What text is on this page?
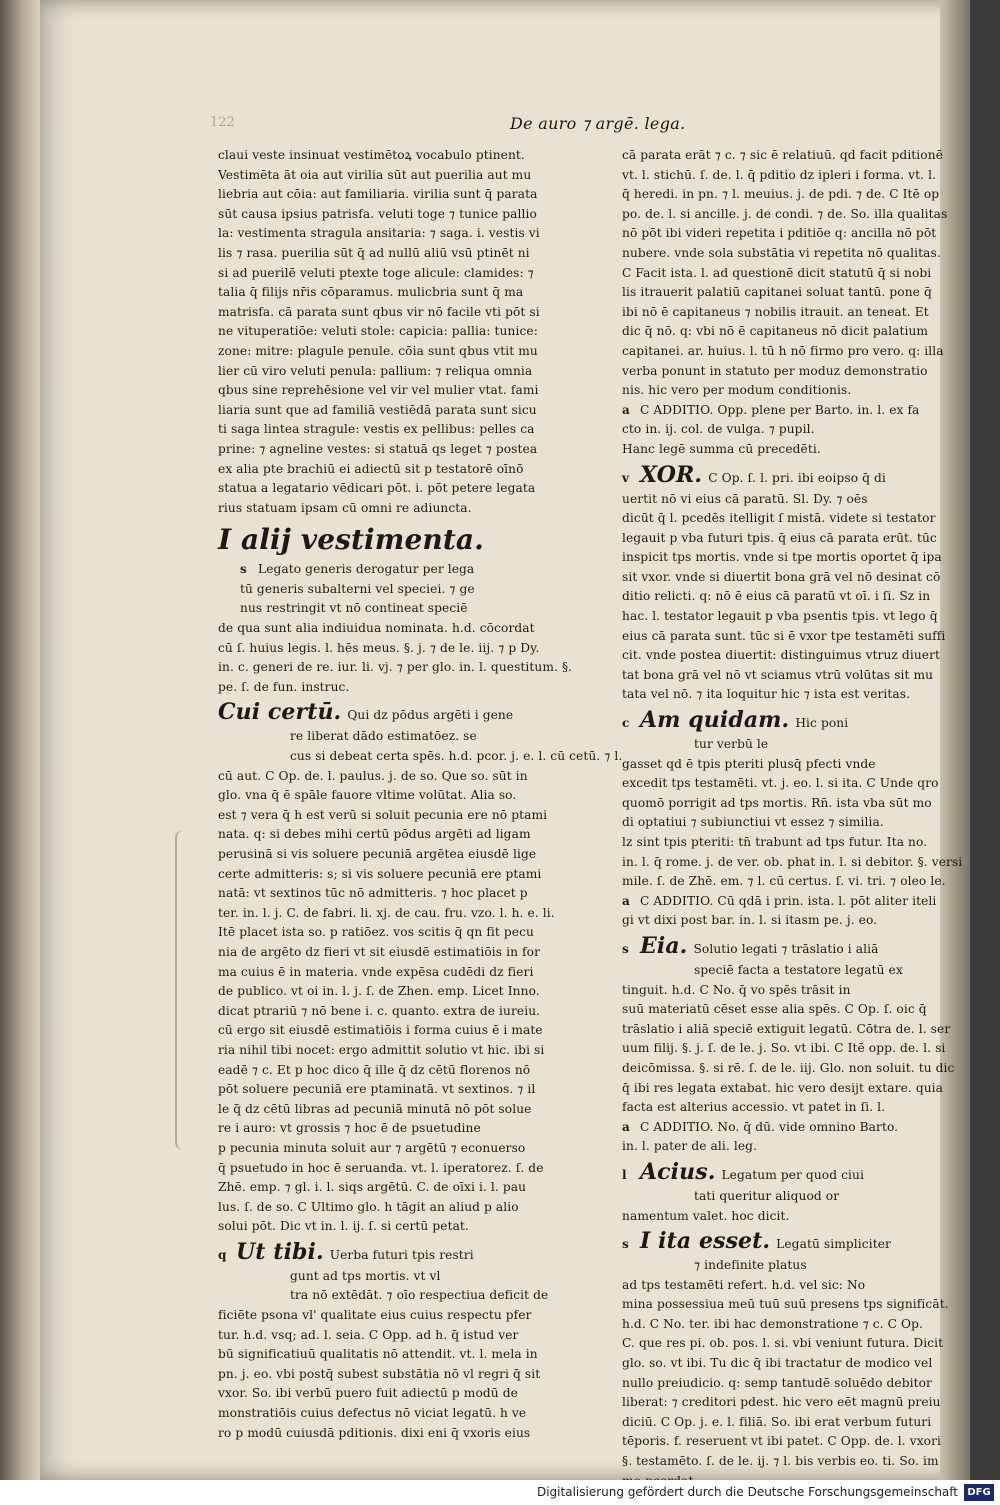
122	De auro ⁊ argē. lega.

claui veste insinuat vestimētoꝝ vocabulo ptinent.

Vestimēta āt oia aut virilia sūt aut puerilia aut mu

liebria aut cōia: aut familiaria. virilia sunt q̄ parata

sūt causa ipsius patrisfa. veluti toge ⁊ tunice pallio

la: vestimenta stragula ansitaria: ⁊ saga. i. vestis vi

lis ⁊ rasa. puerilia sūt q̄ ad nullū aliū vsū ptinēt ni

si ad puerilē veluti ptexte toge alicule: clamides: ⁊

talia q̄ filijs nr̄is cōparamus. mulicbria sunt q̄ ma

matrisfa. cā parata sunt qbus vir nō facile vti pōt si

ne vituperatiōe: veluti stole: capicia: pallia: tunice:

zone: mitre: plagule penule. cōia sunt qbus vtit mu

lier cū viro veluti penula: pallium: ⁊ reliqua omnia

qbus sine reprehēsione vel vir vel mulier vtat. fami

liaria sunt que ad familiā vestiēdā parata sunt sicu

ti saga lintea stragule: vestis ex pellibus: pelles ca

prine: ⁊ agneline vestes: si statuā qs leget ⁊ postea

ex alia pte brachiū ei adiectū sit p testatorē oīnō

statua a legatario vēdicari pōt. i. pōt petere legata

rius statuam ipsam cū omni re adiuncta.

I alij vestimenta.

s Legato generis derogatur per lega

tū generis subalterni vel speciei. ⁊ ge

nus restringit vt nō contineat speciē

de qua sunt alia indiuidua nominata. h.d. cōcordat

cū ſ. huius legis. l. hēs meus. §. j. ⁊ de le. iij. ⁊ p Dy.

in. c. generi de re. iur. li. vj. ⁊ per glo. in. l. questitum. §.

pe. ſ. de fun. instruc.

Cui certū. Qui dz pōdus argēti i gene

re liberat dādo estimatōez. se

cus si debeat certa spēs. h.d. pcor. j. e. l. cū cetū. ⁊ l.

cū aut. C Op. de. l. paulus. j. de so. Que so. sūt in

glo. vna q̄ ē spāle fauore vltime volūtat. Alia so.

est ⁊ vera q̄ h est verū si soluit pecunia ere nō ptami

nata. q: si debes mihi certū pōdus argēti ad ligam

perusinā si vis soluere pecuniā argētea eiusdē lige

certe admitteris: s; si vis soluere pecuniā ere ptami

natā: vt sextinos tūc nō admitteris. ⁊ hoc placet p

ter. in. l. j. C. de fabri. li. xj. de cau. fru. vzo. l. h. e. li.

Itē placet ista so. p ratiōez. vos scitis q̄ qn fit pecu

nia de argēto dz fieri vt sit eiusdē estimatiōis in for

ma cuius ē in materia. vnde expēsa cudēdi dz fieri

de publico. vt oi in. l. j. ſ. de Zhen. emp. Licet Inno.

dicat ptrariū ⁊ nō bene i. c. quanto. extra de iureiu.

cū ergo sit eiusdē estimatiōis i forma cuius ē i mate

ria nihil tibi nocet: ergo admittit solutio vt hic. ibi si

eadē ⁊ c. Et p hoc dico q̄ ille q̄ dz cētū florenos nō

pōt soluere pecuniā ere ptaminatā. vt sextinos. ⁊ il

le q̄ dz cētū libras ad pecuniā minutā nō pōt solue

re i auro: vt grossis ⁊ hoc ē de psuetudine

p pecunia minuta soluit aur ⁊ argētū ⁊ econuerso

q̄ psuetudo in hoc ē seruanda. vt. l. iperatorez. ſ. de

Zhē. emp. ⁊ gl. i. l. siqs argētū. C. de oīxi i. l. pau

lus. ſ. de so. C Ultimo glo. h tāgit an aliud p alio

solui pōt. Dic vt in. l. ij. ſ. si certū petat.

q Ut tibi. Uerba futuri tpis restri

gunt ad tps mortis. vt vl

tra nō extēdāt. ⁊ oīo respectiua deficit de

ficiēte psona vl' qualitate eius cuius respectu pfer

tur. h.d. vsq; ad. l. seia. C Opp. ad h. q̄ istud ver

bū significatiuū qualitatis nō attendit. vt. l. mela in

pn. j. eo. vbi postq̄ subest substātia nō vl regri q̄ sit

vxor. So. ibi verbū puero fuit adiectū p modū de

monstratiōis cuius defectus nō viciat legatū. h ve

ro p modū cuiusdā pditionis. dixi eni q̄ vxoris eius

cā parata erāt ⁊ c. ⁊ sic ē relatiuū. qd facit pditionē

vt. l. stichū. ſ. de. l. q̄ pditio dz ipleri i forma. vt. l.

q̄ heredi. in pn. ⁊ l. meuius. j. de pdi. ⁊ de. C Itē op

po. de. l. si ancille. j. de condi. ⁊ de. So. illa qualitas

nō pōt ibi videri repetita i pditiōe q: ancilla nō pōt

nubere. vnde sola substātia vi repetita nō qualitas.

C Facit ista. l. ad questionē dicit statutū q̄ si nobi

lis itrauerit palatiū capitanei soluat tantū. pone q̄

ibi nō ē capitaneus ⁊ nobilis itrauit. an teneat. Et

dic q̄ nō. q: vbi nō ē capitaneus nō dicit palatium

capitanei. ar. huius. l. tū h nō firmo pro vero. q: illa

verba ponunt in statuto per moduz demonstratio

nis. hic vero per modum conditionis.

a C ADDITIO. Opp. plene per Barto. in. l. ex fa

cto in. ij. col. de vulga. ⁊ pupil.

Hanc legē summa cū precedēti.

v XOR. C Op. ſ. l. pri. ibi eoipso q̄ di

uertit nō vi eius cā paratū. Sl. Dy. ⁊ oēs

dicūt q̄ l. pcedēs itelligit ſ mistā. videte si testator

legauit p vba futuri tpis. q̄ eius cā parata erūt. tūc

inspicit tps mortis. vnde si tpe mortis oportet q̄ ipa

sit vxor. vnde si diuertit bona grā vel nō desinat cō

ditio relicti. q: nō ē eius cā paratū vt oī. i ſi. Sz in

hac. l. testator legauit p vba psentis tpis. vt lego q̄

eius cā parata sunt. tūc si ē vxor tpe testamēti suffi

cit. vnde postea diuertit: distinguimus vtruz diuert

tat bona grā vel nō vt sciamus vtrū volūtas sit mu

tata vel nō. ⁊ ita loquitur hic ⁊ ista est veritas.

c Am quidam. Hic poni

tur verbū le

gasset qd ē tpis pteriti plusq̄ pfecti vnde

excedit tps testamēti. vt. j. eo. l. si ita. C Unde qro

quomō porrigit ad tps mortis. Rn̄. ista vba sūt mo

di optatiui ⁊ subiunctiui vt essez ⁊ similia.

lz sint tpis pteriti: tn̄ trabunt ad tps futur. Ita no.

in. l. q̄ rome. j. de ver. ob. phat in. l. si debitor. §. versi

mile. ſ. de Zhē. em. ⁊ l. cū certus. ſ. vi. tri. ⁊ oleo le.

a C ADDITIO. Cū qdā i prin. ista. l. pōt aliter iteli

gi vt dixi post bar. in. l. si itasm pe. j. eo.

s Eia. Solutio legati ⁊ trāslatio i aliā

speciē facta a testatore legatū ex

tinguit. h.d. C No. q̄ vo spēs trāsit in

suū materiatū cēset esse alia spēs. C Op. ſ. oic q̄

trāslatio i aliā speciē extiguit legatū. Cōtra de. l. ser

uum filij. §. j. ſ. de le. j. So. vt ibi. C Itē opp. de. l. si

deicōmissa. §. si rē. ſ. de le. iij. Glo. non soluit. tu dic

q̄ ibi res legata extabat. hic vero desijt extare. quia

facta est alterius accessio. vt patet in ſi. l.

a C ADDITIO. No. q̄ dū. vide omnino Barto.

in. l. pater de ali. leg.

l Acius. Legatum per quod ciui

tati queritur aliquod or

namentum valet. hoc dicit.

s I ita esset. Legatū simpliciter

⁊ indefinite platus

ad tps testamēti refert. h.d. vel sic: No

mina possessiua meū tuū suū presens tps significāt.

h.d. C No. ter. ibi hac demonstratione ⁊ c. C Op.

C. que res pi. ob. pos. l. si. vbi veniunt futura. Dicit

glo. so. vt ibi. Tu dic q̄ ibi tractatur de modico vel

nullo preiudicio. q: semp tantudē soluēdo debitor

liberat: ⁊ creditori pdest. hic vero eēt magnū preiu

diciū. C Op. j. e. l. filiā. So. ibi erat verbum futuri

tēporis. f. reseruent vt ibi patet. C Opp. de. l. vxori

§. testamēto. ſ. de le. ij. ⁊ l. bis verbis eo. ti. So. im

Digitalisierung gefördert durch die Deutsche Forschungsgemeinschaft DFG
